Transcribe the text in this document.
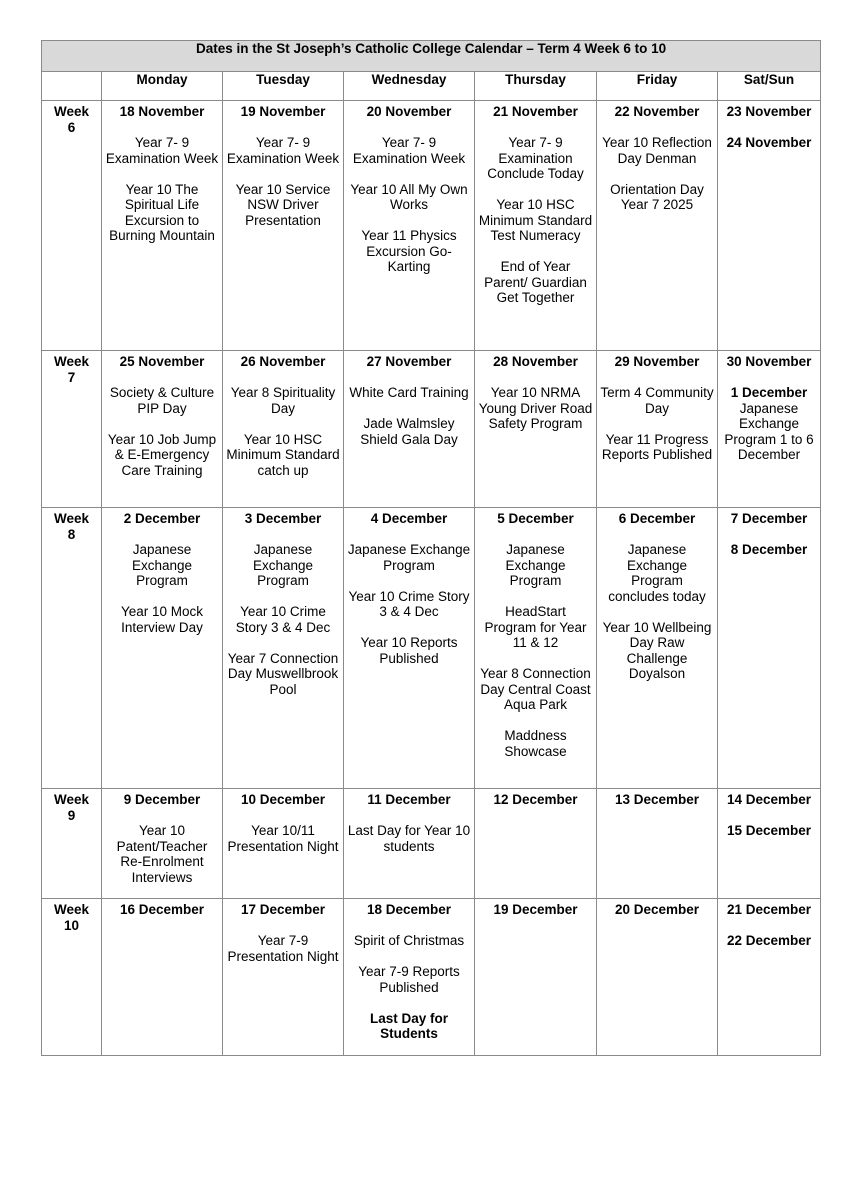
Dates in the St Joseph’s Catholic College Calendar – Term 4 Week 6 to 10						
	Monday	Tuesday	Wednesday	Thursday	Friday	Sat/Sun

Week
6	18 November
Year 7- 9 Examination Week
Year 10 The Spiritual Life Excursion to Burning Mountain	19 November
Year 7- 9 Examination Week
Year 10 Service NSW Driver Presentation	20 November
Year 7- 9 Examination Week
Year 10 All My Own Works
Year 11 Physics Excursion Go-Karting	21 November
Year 7- 9 Examination Conclude Today
Year 10 HSC Minimum Standard Test Numeracy
End of Year Parent/ Guardian Get Together	22 November
Year 10 Reflection Day Denman
Orientation Day Year 7 2025	23 November
24 November

Week
7	25 November
Society & Culture PIP Day
Year 10 Job Jump & E-Emergency Care Training	26 November
Year 8 Spirituality Day
Year 10 HSC Minimum Standard catch up	27 November
White Card Training
Jade Walmsley Shield Gala Day	28 November
Year 10 NRMA Young Driver Road Safety Program	29 November
Term 4 Community Day
Year 11 Progress Reports Published	30 November
1 December
Japanese Exchange Program 1 to 6 December

Week
8	2 December
Japanese Exchange Program
Year 10 Mock Interview Day	3 December
Japanese Exchange Program
Year 10 Crime Story 3 & 4 Dec
Year 7 Connection Day Muswellbrook Pool	4 December
Japanese Exchange Program
Year 10 Crime Story 3 & 4 Dec
Year 10 Reports Published	5 December
Japanese Exchange Program
HeadStart Program for Year 11 & 12
Year 8 Connection Day Central Coast Aqua Park
Maddness Showcase	6 December
Japanese Exchange Program concludes today
Year 10 Wellbeing Day Raw Challenge Doyalson	7 December
8 December

Week
9	9 December
Year 10 Patent/Teacher Re-Enrolment Interviews	10 December
Year 10/11 Presentation Night	11 December
Last Day for Year 10 students	12 December	13 December	14 December
15 December

Week
10	16 December	17 December
Year 7-9 Presentation Night	18 December
Spirit of Christmas
Year 7-9 Reports Published
Last Day for Students	19 December	20 December	21 December
22 December
